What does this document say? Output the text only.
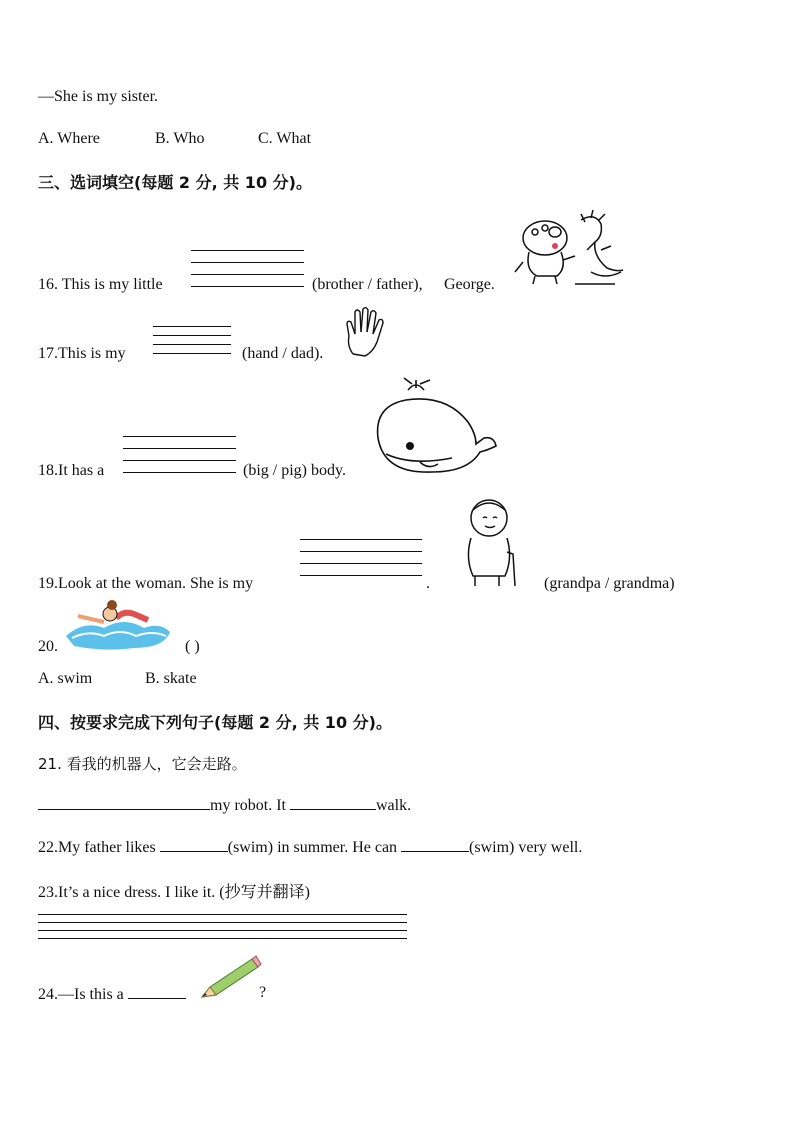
—She is my sister.
A. Where	B. Who	C. What
三、选词填空(每题 2 分, 共 10 分)。
16. This is my little	(brother / father), George.
17.This is my	(hand / dad).
18.It has a	(big / pig) body.
19.Look at the woman. She is my	.	(grandpa / grandma)
20.	( )
A. swim	B. skate
四、按要求完成下列句子(每题 2 分, 共 10 分)。
21. 看我的机器人，它会走路。
my robot. It	walk.
22.My father likes	(swim) in summer. He can	(swim) very well.
23.It’s a nice dress. I like it. (抄写并翻译)
24.—Is this a	?
